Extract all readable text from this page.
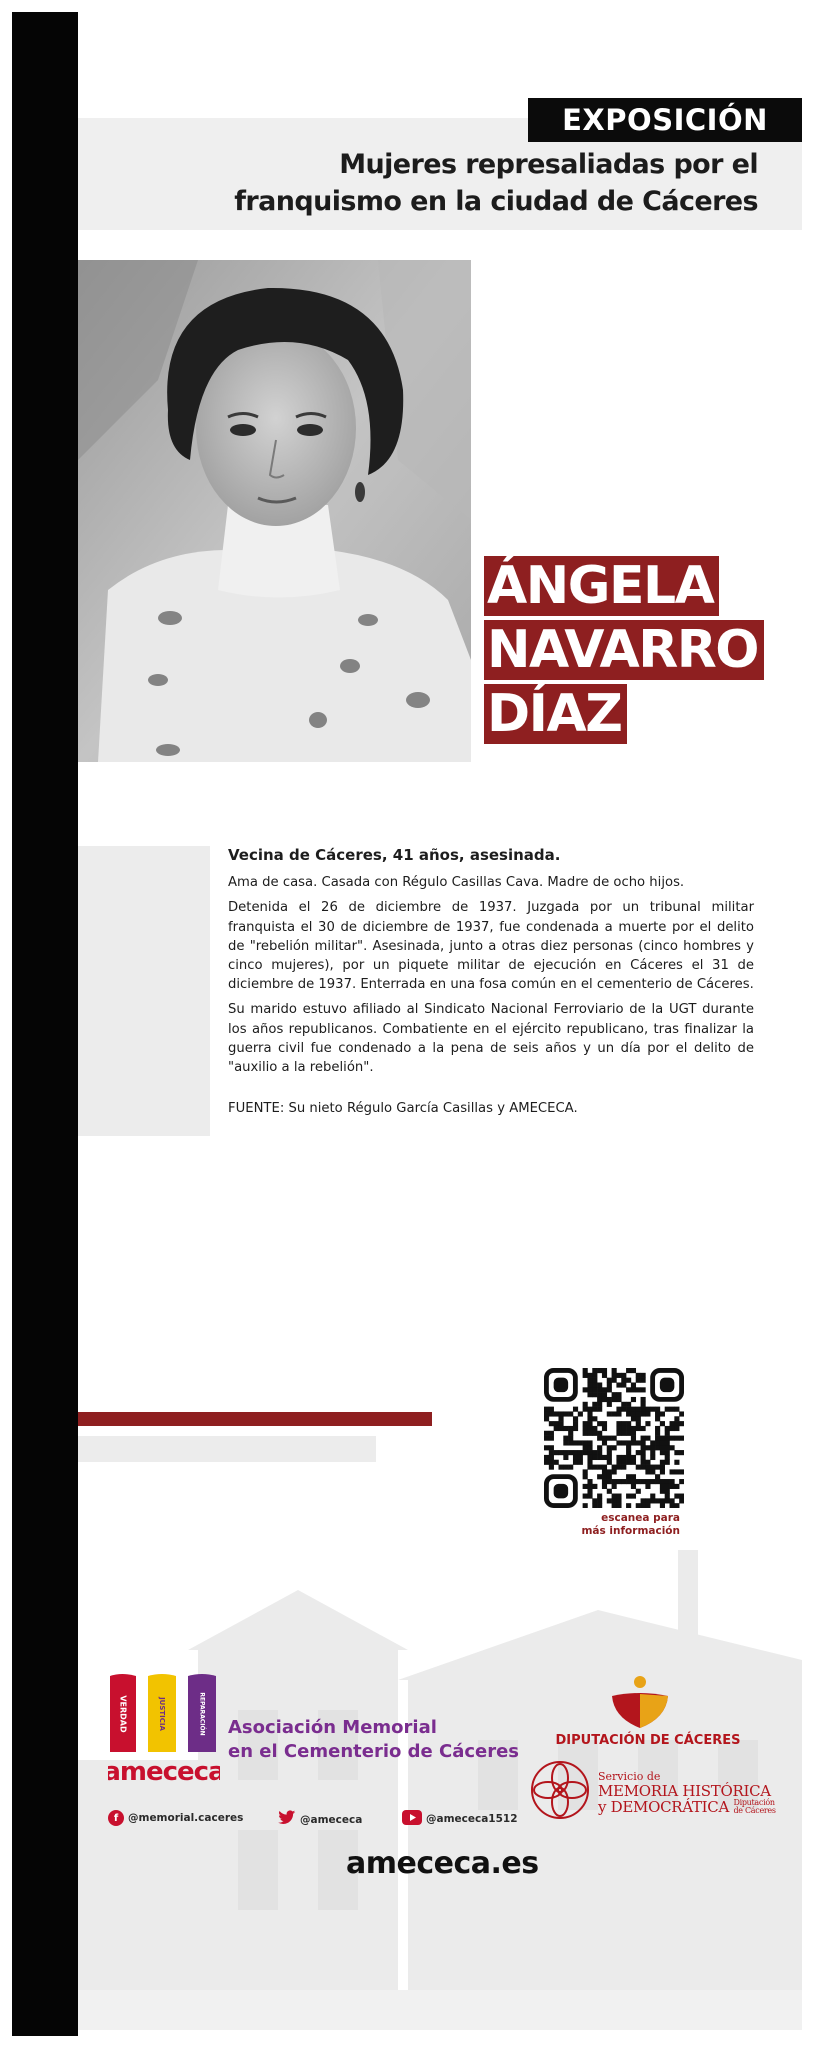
EXPOSICIÓN
Mujeres represaliadas por el
franquismo en la ciudad de Cáceres
ÁNGELA
NAVARRO
DÍAZ
Vecina de Cáceres, 41 años, asesinada.

Ama de casa. Casada con Régulo Casillas Cava. Madre de ocho hijos.

Detenida el 26 de diciembre de 1937. Juzgada por un tribunal militar franquista el 30 de diciembre de 1937, fue condenada a muerte por el delito de "rebelión militar". Asesinada, junto a otras diez personas (cinco hombres y cinco mujeres), por un piquete militar de ejecución en Cáceres el 31 de diciembre de 1937. Enterrada en una fosa común en el cementerio de Cáceres.

Su marido estuvo afiliado al Sindicato Nacional Ferroviario de la UGT durante los años republicanos. Combatiente en el ejército republicano, tras finalizar la guerra civil fue condenado a la pena de seis años y un día por el delito de "auxilio a la rebelión".

FUENTE: Su nieto Régulo García Casillas y AMECECA.

escanea para
más información
VERDAD	JUSTICIA	REPARACIÓN
amececa
Asociación Memorial
en el Cementerio de Cáceres
f @memorial.caceres	@amececa	@amececa1512
DIPUTACIÓN DE CÁCERES
Servicio de
MEMORIA HISTÓRICA
y DEMOCRÁTICA Diputación
de Cáceres
amececa.es
